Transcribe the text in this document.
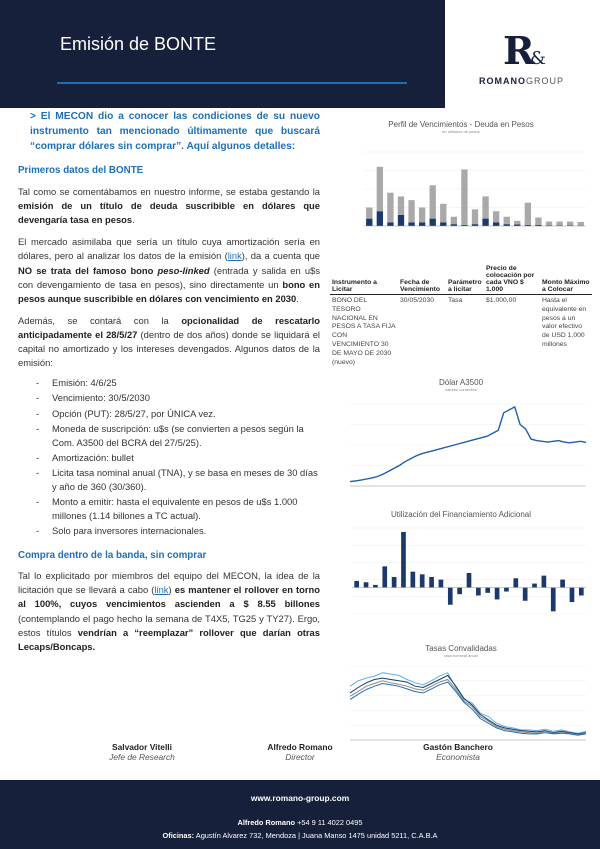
Emisión de BONTE	R
&
ROMANOGROUP
> El MECON dio a conocer las condiciones de su nuevo instrumento tan mencionado últimamente que buscará “comprar dólares sin comprar”. Aquí algunos detalles:
Primeros datos del BONTE

Tal como se comentábamos en nuestro informe, se estaba gestando la emisión de un título de deuda suscribible en dólares que devengaría tasa en pesos.

El mercado asimilaba que sería un título cuya amortización sería en dólares, pero al analizar los datos de la emisión (link), da a cuenta que NO se trata del famoso bono peso-linked (entrada y salida en u$s con devengamiento de tasa en pesos), sino directamente un bono en pesos aunque suscribible en dólares con vencimiento en 2030.

Además, se contará con la opcionalidad de rescatarlo anticipadamente el 28/5/27 (dentro de dos años) donde se liquidará el capital no amortizado y los intereses devengados. Algunos datos de la emisión:

- Emisión: 4/6/25
- Vencimiento: 30/5/2030
- Opción (PUT): 28/5/27, por ÚNICA vez.
- Moneda de suscripción: u$s (se convierten a pesos según la Com. A3500 del BCRA del 27/5/25).
- Amortización: bullet
- Licita tasa nominal anual (TNA), y se basa en meses de 30 días y año de 360 (30/360).
- Monto a emitir: hasta el equivalente en pesos de u$s 1.000 millones (1.14 billones a TC actual).
- Solo para inversores internacionales.
Compra dentro de la banda, sin comprar

Tal lo explicitado por miembros del equipo del MECON, la idea de la licitación que se llevará a cabo (link) es mantener el rollover en torno al 100%, cuyos vencimientos ascienden a $ 8.55 billones (contemplando el pago hecho la semana de T4X5, TG25 y TY27). Ergo, estos títulos vendrían a “reemplazar” rollover que darían otras Lecaps/Boncaps.

Perfil de Vencimientos - Deuda en Pesos
en millones de pesos
Instrumento a Licitar	Fecha de Vencimiento	Parámetro a licitar	Precio de colocación por cada VNO $ 1.000	Monto Máximo a Colocar
BONO DEL TESORO NACIONAL EN PESOS A TASA FIJA CON VENCIMIENTO 30 DE MAYO DE 2030 (nuevo)	30/05/2030	Tasa	$1.000,00	Hasta el equivalente en pesos a un valor efectivo de USD 1.000 millones
Dólar A3500
valores corrientes
Utilización del Financiamiento Adicional
Tasas Convalidadas
tasa nominal anual
Salvador Vitelli
Jefe de Research
Alfredo Romano
Director
Gastón Banchero
Economista
www.romano-group.com
Alfredo Romano +54 9 11 4022 0495
Oficinas: Agustín Alvarez 732, Mendoza | Juana Manso 1475 unidad 5211, C.A.B.A
